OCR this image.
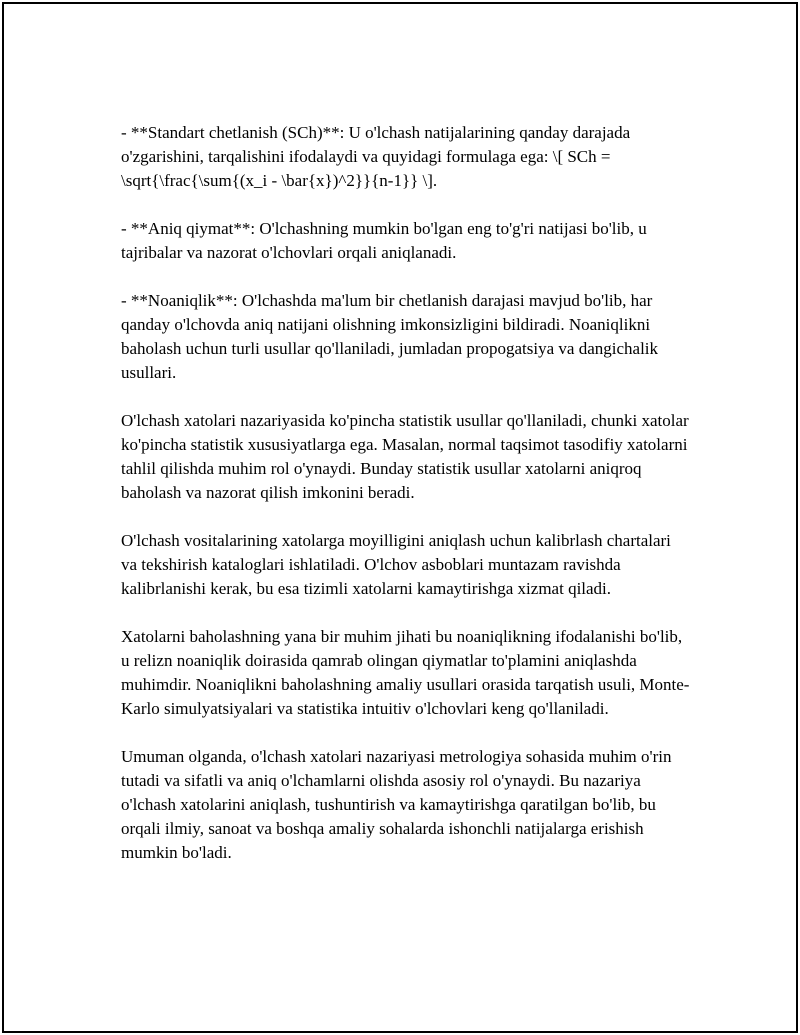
- **Standart chetlanish (SCh)**: U o'lchash natijalarining qanday darajada o'zgarishini, tarqalishini ifodalaydi va quyidagi formulaga ega: \[ SCh = \sqrt{\frac{\sum{(x_i - \bar{x})^2}}{n-1}} \].

- **Aniq qiymat**: O'lchashning mumkin bo'lgan eng to'g'ri natijasi bo'lib, u tajribalar va nazorat o'lchovlari orqali aniqlanadi.

- **Noaniqlik**: O'lchashda ma'lum bir chetlanish darajasi mavjud bo'lib, har qanday o'lchovda aniq natijani olishning imkonsizligini bildiradi. Noaniqlikni baholash uchun turli usullar qo'llaniladi, jumladan propogatsiya va dangichalik usullari.

O'lchash xatolari nazariyasida ko'pincha statistik usullar qo'llaniladi, chunki xatolar ko'pincha statistik xususiyatlarga ega. Masalan, normal taqsimot tasodifiy xatolarni tahlil qilishda muhim rol o'ynaydi. Bunday statistik usullar xatolarni aniqroq baholash va nazorat qilish imkonini beradi.

O'lchash vositalarining xatolarga moyilligini aniqlash uchun kalibrlash chartalari va tekshirish kataloglari ishlatiladi. O'lchov asboblari muntazam ravishda kalibrlanishi kerak, bu esa tizimli xatolarni kamaytirishga xizmat qiladi.

Xatolarni baholashning yana bir muhim jihati bu noaniqlikning ifodalanishi bo'lib, u relizn noaniqlik doirasida qamrab olingan qiymatlar to'plamini aniqlashda muhimdir. Noaniqlikni baholashning amaliy usullari orasida tarqatish usuli, Monte-Karlo simulyatsiyalari va statistika intuitiv o'lchovlari keng qo'llaniladi.

Umuman olganda, o'lchash xatolari nazariyasi metrologiya sohasida muhim o'rin tutadi va sifatli va aniq o'lchamlarni olishda asosiy rol o'ynaydi. Bu nazariya o'lchash xatolarini aniqlash, tushuntirish va kamaytirishga qaratilgan bo'lib, bu orqali ilmiy, sanoat va boshqa amaliy sohalarda ishonchli natijalarga erishish mumkin bo'ladi.
